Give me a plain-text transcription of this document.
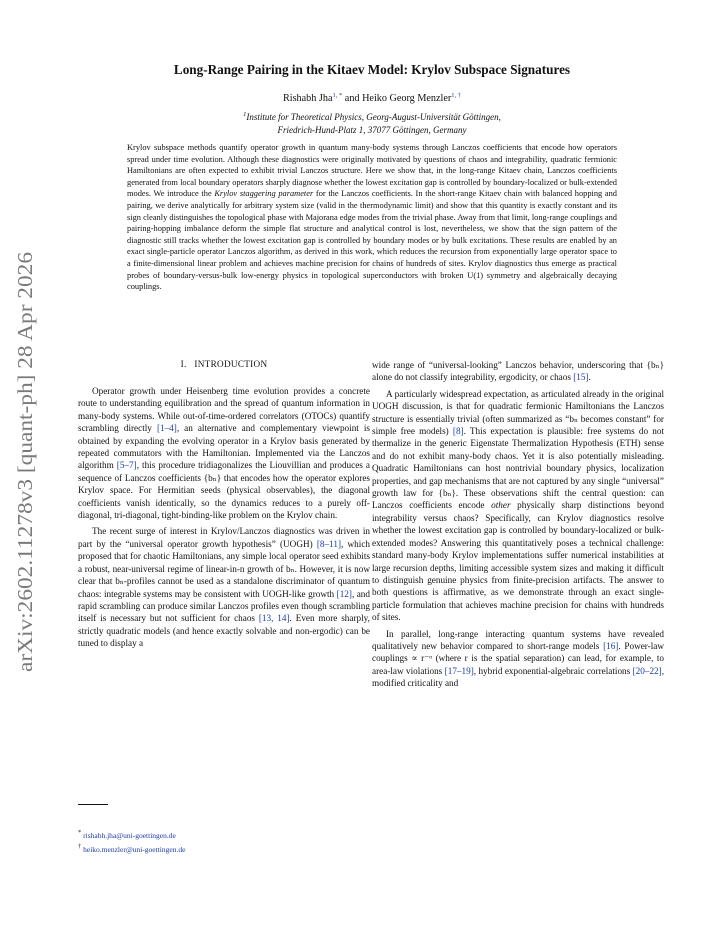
arXiv:2602.11278v3 [quant-ph] 28 Apr 2026
Long-Range Pairing in the Kitaev Model: Krylov Subspace Signatures
Rishabh Jha$^{1, *}$ and Heiko Georg Menzler$^{1, \dagger}$
$^1$Institute for Theoretical Physics, Georg-August-Universität Göttingen,
Friedrich-Hund-Platz 1, 37077 Göttingen, Germany
Krylov subspace methods quantify operator growth in quantum many-body systems through Lanczos coefficients that encode how operators spread under time evolution. Although these diagnostics were originally motivated by questions of chaos and integrability, quadratic fermionic Hamiltonians are often expected to exhibit trivial Lanczos structure. Here we show that, in the long-range Kitaev chain, Lanczos coefficients generated from local boundary operators sharply diagnose whether the lowest excitation gap is controlled by boundary-localized or bulk-extended modes. We introduce the Krylov staggering parameter for the Lanczos coefficients. In the short-range Kitaev chain with balanced hopping and pairing, we derive analytically for arbitrary system size (valid in the thermodynamic limit) and show that this quantity is exactly constant and its sign cleanly distinguishes the topological phase with Majorana edge modes from the trivial phase. Away from that limit, long-range couplings and pairing-hopping imbalance deform the simple flat structure and analytical control is lost, nevertheless, we show that the sign pattern of the diagnostic still tracks whether the lowest excitation gap is controlled by boundary modes or by bulk excitations. These results are enabled by an exact single-particle operator Lanczos algorithm, as derived in this work, which reduces the recursion from exponentially large operator space to a finite-dimensional linear problem and achieves machine precision for chains of hundreds of sites. Krylov diagnostics thus emerge as practical probes of boundary-versus-bulk low-energy physics in topological superconductors with broken U(1) symmetry and algebraically decaying couplings.
I. INTRODUCTION

Operator growth under Heisenberg time evolution provides a concrete route to understanding equilibration and the spread of quantum information in many-body systems. While out-of-time-ordered correlators (OTOCs) quantify scrambling directly [1–4], an alternative and complementary viewpoint is obtained by expanding the evolving operator in a Krylov basis generated by repeated commutators with the Hamiltonian. Implemented via the Lanczos algorithm [5–7], this procedure tridiagonalizes the Liouvillian and produces a sequence of Lanczos coefficients {bₙ} that encodes how the operator explores Krylov space. For Hermitian seeds (physical observables), the diagonal coefficients vanish identically, so the dynamics reduces to a purely off-diagonal, tri-diagonal, tight-binding-like problem on the Krylov chain.

The recent surge of interest in Krylov/Lanczos diagnostics was driven in part by the “universal operator growth hypothesis” (UOGH) [8–11], which proposed that for chaotic Hamiltonians, any simple local operator seed exhibits a robust, near-universal regime of linear-in-n growth of bₙ. However, it is now clear that bₙ-profiles cannot be used as a standalone discriminator of quantum chaos: integrable systems may be consistent with UOGH-like growth [12], and rapid scrambling can produce similar Lanczos profiles even though scrambling itself is necessary but not sufficient for chaos [13, 14]. Even more sharply, strictly quadratic models (and hence exactly solvable and non-ergodic) can be tuned to display a

wide range of “universal-looking” Lanczos behavior, underscoring that {bₙ} alone do not classify integrability, ergodicity, or chaos [15].

A particularly widespread expectation, as articulated already in the original UOGH discussion, is that for quadratic fermionic Hamiltonians the Lanczos structure is essentially trivial (often summarized as “bₙ becomes constant” for simple free models) [8]. This expectation is plausible: free systems do not thermalize in the generic Eigenstate Thermalization Hypothesis (ETH) sense and do not exhibit many-body chaos. Yet it is also potentially misleading. Quadratic Hamiltonians can host nontrivial boundary physics, localization properties, and gap mechanisms that are not captured by any single “universal” growth law for {bₙ}. These observations shift the central question: can Lanczos coefficients encode other physically sharp distinctions beyond integrability versus chaos? Specifically, can Krylov diagnostics resolve whether the lowest excitation gap is controlled by boundary-localized or bulk-extended modes? Answering this quantitatively poses a technical challenge: standard many-body Krylov implementations suffer numerical instabilities at large recursion depths, limiting accessible system sizes and making it difficult to distinguish genuine physics from finite-precision artifacts. The answer to both questions is affirmative, as we demonstrate through an exact single-particle formulation that achieves machine precision for chains with hundreds of sites.

In parallel, long-range interacting quantum systems have revealed qualitatively new behavior compared to short-range models [16]. Power-law couplings ∝ r⁻ᵅ (where r is the spatial separation) can lead, for example, to area-law violations [17–19], hybrid exponential-algebraic correlations [20–22], modified criticality and

* rishabh.jha@uni-goettingen.de
† heiko.menzler@uni-goettingen.de
